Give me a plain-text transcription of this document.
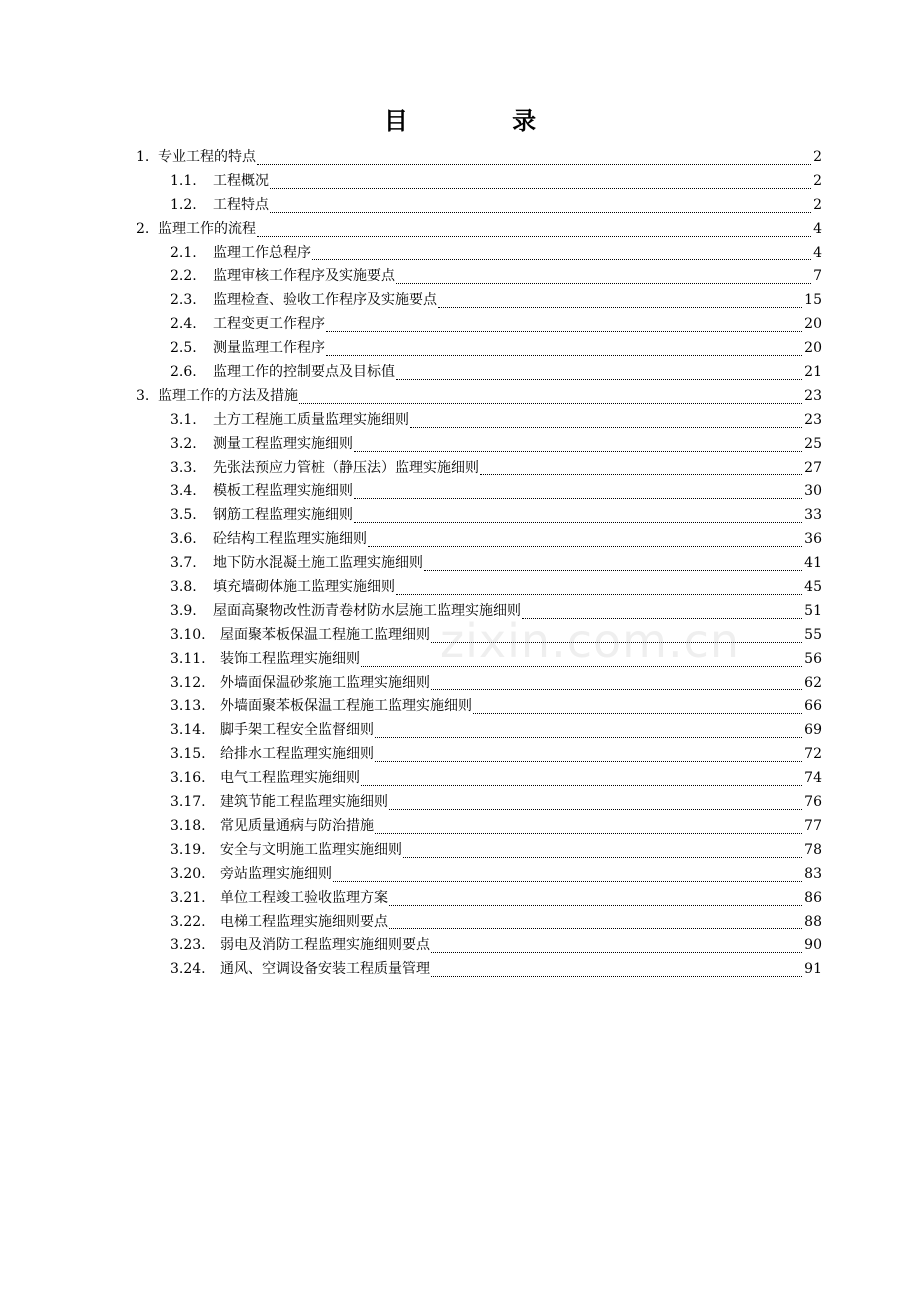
目 录
1. 专业工程的特点	2
1.1.	工程概况	2
1.2.	工程特点	2
2. 监理工作的流程	4
2.1.	监理工作总程序	4
2.2.	监理审核工作程序及实施要点	7
2.3.	监理检查、验收工作程序及实施要点	15
2.4.	工程变更工作程序	20
2.5.	测量监理工作程序	20
2.6.	监理工作的控制要点及目标值	21
3. 监理工作的方法及措施	23
3.1.	土方工程施工质量监理实施细则	23
3.2.	测量工程监理实施细则	25
3.3.	先张法预应力管桩（静压法）监理实施细则	27
3.4.	模板工程监理实施细则	30
3.5.	钢筋工程监理实施细则	33
3.6.	砼结构工程监理实施细则	36
3.7.	地下防水混凝土施工监理实施细则	41
3.8.	填充墙砌体施工监理实施细则	45
3.9.	屋面高聚物改性沥青卷材防水层施工监理实施细则	51
3.10.	屋面聚苯板保温工程施工监理细则	55
3.11.	装饰工程监理实施细则	56
3.12.	外墙面保温砂浆施工监理实施细则	62
3.13.	外墙面聚苯板保温工程施工监理实施细则	66
3.14.	脚手架工程安全监督细则	69
3.15.	给排水工程监理实施细则	72
3.16.	电气工程监理实施细则	74
3.17.	建筑节能工程监理实施细则	76
3.18.	常见质量通病与防治措施	77
3.19.	安全与文明施工监理实施细则	78
3.20.	旁站监理实施细则	83
3.21.	单位工程竣工验收监理方案	86
3.22.	电梯工程监理实施细则要点	88
3.23.	弱电及消防工程监理实施细则要点	90
3.24.	通风、空调设备安装工程质量管理	91
zixin.com.cn
